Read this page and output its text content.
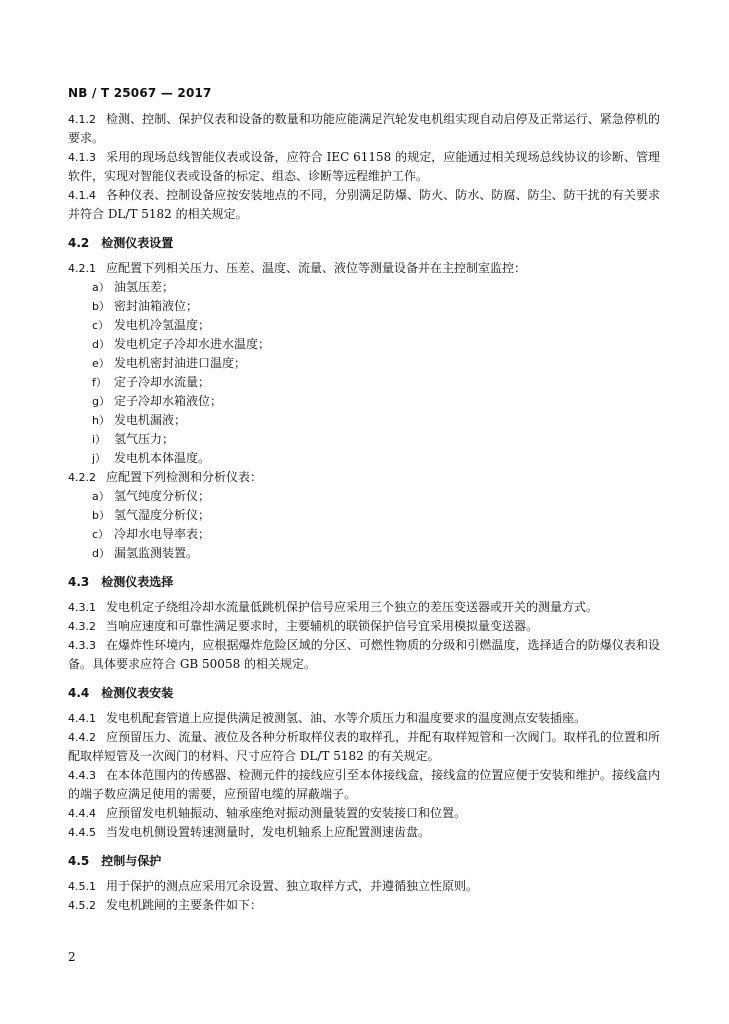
NB / T 25067 — 2017

4.1.2 检测、控制、保护仪表和设备的数量和功能应能满足汽轮发电机组实现自动启停及正常运行、紧急停机的要求。

4.1.3 采用的现场总线智能仪表或设备，应符合 IEC 61158 的规定，应能通过相关现场总线协议的诊断、管理软件，实现对智能仪表或设备的标定、组态、诊断等远程维护工作。

4.1.4 各种仪表、控制设备应按安装地点的不同，分别满足防爆、防火、防水、防腐、防尘、防干扰的有关要求并符合 DL/T 5182 的相关规定。

4.2 检测仪表设置

4.2.1 应配置下列相关压力、压差、温度、流量、液位等测量设备并在主控制室监控：

a） 油氢压差；
b） 密封油箱液位；
c） 发电机冷氢温度；
d） 发电机定子冷却水进水温度；
e） 发电机密封油进口温度；
f） 定子冷却水流量；
g） 定子冷却水箱液位；
h） 发电机漏液；
i） 氢气压力；
j） 发电机本体温度。

4.2.2 应配置下列检测和分析仪表：

a） 氢气纯度分析仪；
b） 氢气湿度分析仪；
c） 冷却水电导率表；
d） 漏氢监测装置。
4.3 检测仪表选择

4.3.1 发电机定子绕组冷却水流量低跳机保护信号应采用三个独立的差压变送器或开关的测量方式。

4.3.2 当响应速度和可靠性满足要求时，主要辅机的联锁保护信号宜采用模拟量变送器。

4.3.3 在爆炸性环境内，应根据爆炸危险区域的分区、可燃性物质的分级和引燃温度，选择适合的防爆仪表和设备。具体要求应符合 GB 50058 的相关规定。

4.4 检测仪表安装

4.4.1 发电机配套管道上应提供满足被测氢、油、水等介质压力和温度要求的温度测点安装插座。

4.4.2 应预留压力、流量、液位及各种分析取样仪表的取样孔，并配有取样短管和一次阀门。取样孔的位置和所配取样短管及一次阀门的材料、尺寸应符合 DL/T 5182 的有关规定。

4.4.3 在本体范围内的传感器、检测元件的接线应引至本体接线盒，接线盒的位置应便于安装和维护。接线盒内的端子数应满足使用的需要，应预留电缆的屏蔽端子。

4.4.4 应预留发电机轴振动、轴承座绝对振动测量装置的安装接口和位置。

4.4.5 当发电机侧设置转速测量时，发电机轴系上应配置测速齿盘。

4.5 控制与保护

4.5.1 用于保护的测点应采用冗余设置、独立取样方式，并遵循独立性原则。

4.5.2 发电机跳闸的主要条件如下：

2
